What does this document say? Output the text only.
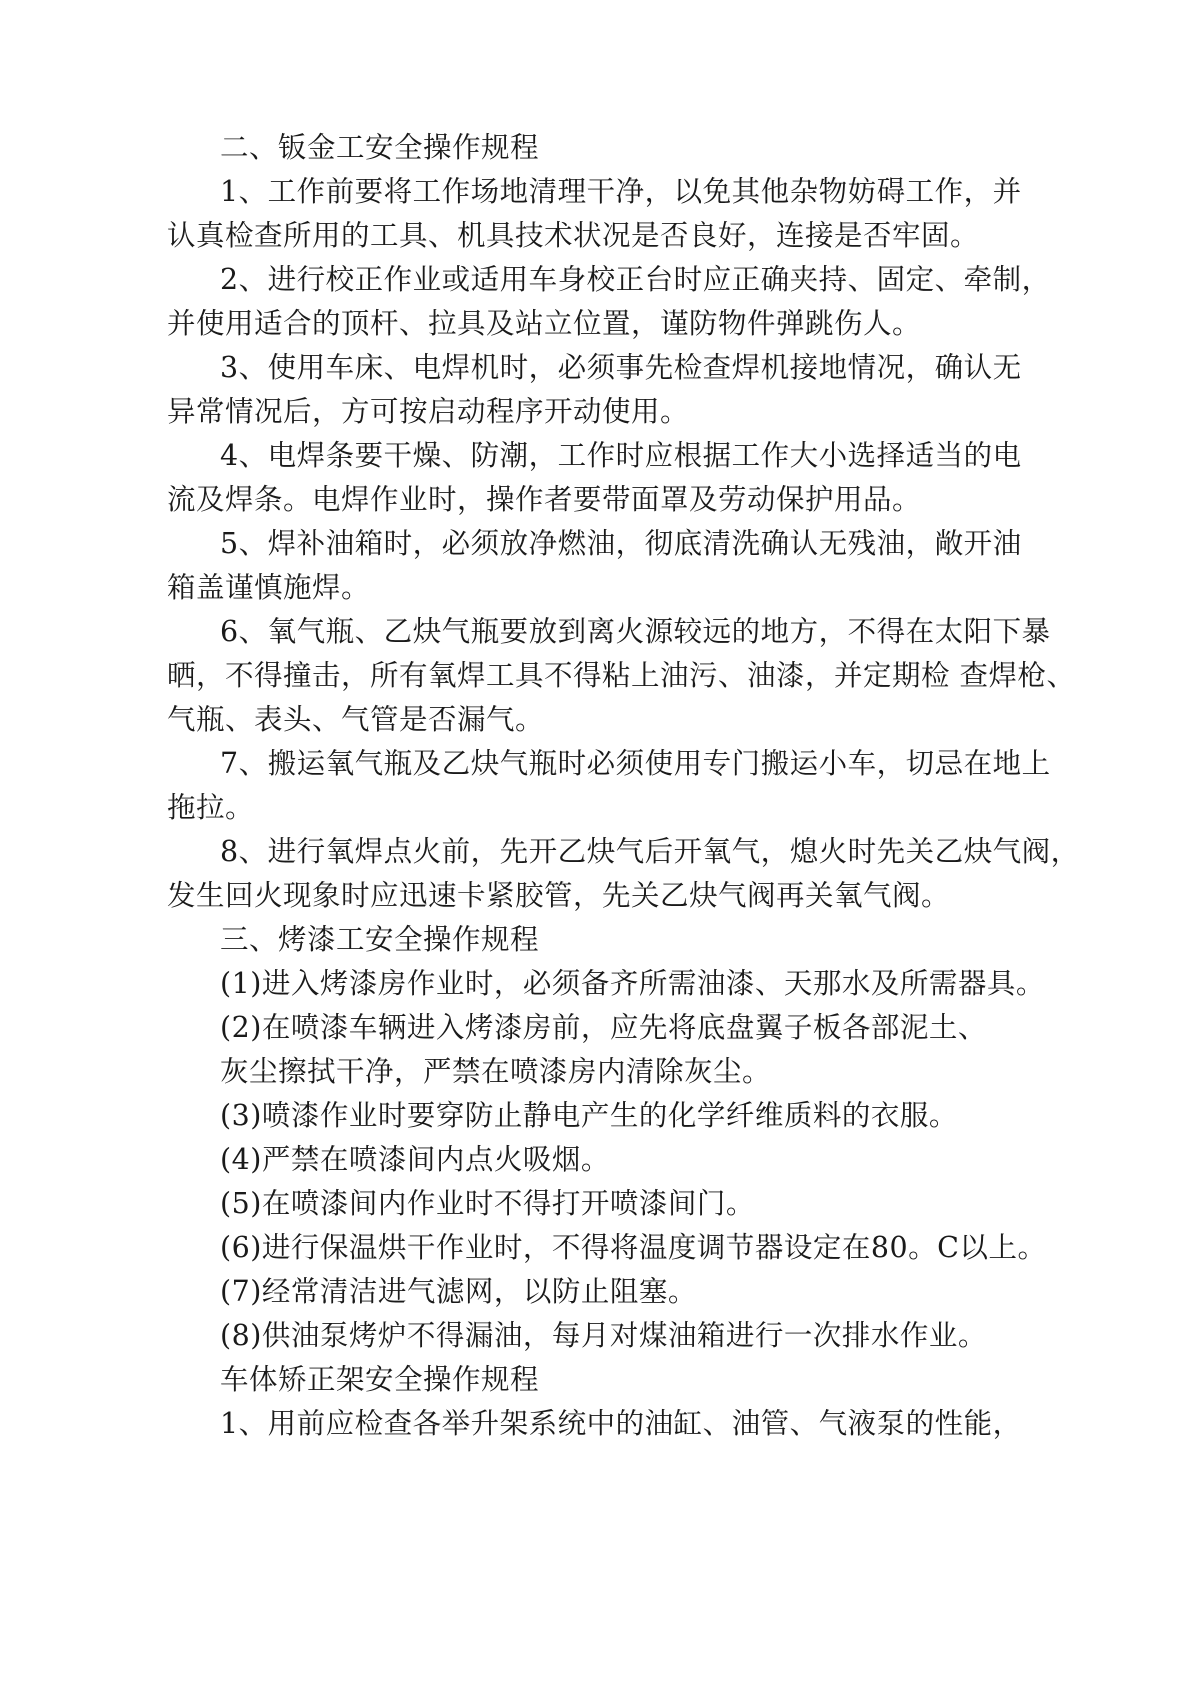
二、钣金工安全操作规程
1、工作前要将工作场地清理干净，以免其他杂物妨碍工作，并
认真检查所用的工具、机具技术状况是否良好，连接是否牢固。
2、进行校正作业或适用车身校正台时应正确夹持、固定、牵制，
并使用适合的顶杆、拉具及站立位置，谨防物件弹跳伤人。
3、使用车床、电焊机时，必须事先检查焊机接地情况，确认无
异常情况后，方可按启动程序开动使用。
4、电焊条要干燥、防潮，工作时应根据工作大小选择适当的电
流及焊条。电焊作业时，操作者要带面罩及劳动保护用品。
5、焊补油箱时，必须放净燃油，彻底清洗确认无残油，敞开油
箱盖谨慎施焊。
6、氧气瓶、乙炔气瓶要放到离火源较远的地方，不得在太阳下暴
晒，不得撞击，所有氧焊工具不得粘上油污、油漆，并定期检 查焊枪、
气瓶、表头、气管是否漏气。
7、搬运氧气瓶及乙炔气瓶时必须使用专门搬运小车，切忌在地上
拖拉。
8、进行氧焊点火前，先开乙炔气后开氧气，熄火时先关乙炔气阀，
发生回火现象时应迅速卡紧胶管，先关乙炔气阀再关氧气阀。
三、烤漆工安全操作规程
(1)进入烤漆房作业时，必须备齐所需油漆、天那水及所需器具。
(2)在喷漆车辆进入烤漆房前，应先将底盘翼子板各部泥土、
灰尘擦拭干净，严禁在喷漆房内清除灰尘。
(3)喷漆作业时要穿防止静电产生的化学纤维质料的衣服。
(4)严禁在喷漆间内点火吸烟。
(5)在喷漆间内作业时不得打开喷漆间门。
(6)进行保温烘干作业时，不得将温度调节器设定在80。C以上。
(7)经常清洁进气滤网，以防止阻塞。
(8)供油泵烤炉不得漏油，每月对煤油箱进行一次排水作业。
车体矫正架安全操作规程
1、用前应检查各举升架系统中的油缸、油管、气液泵的性能，
